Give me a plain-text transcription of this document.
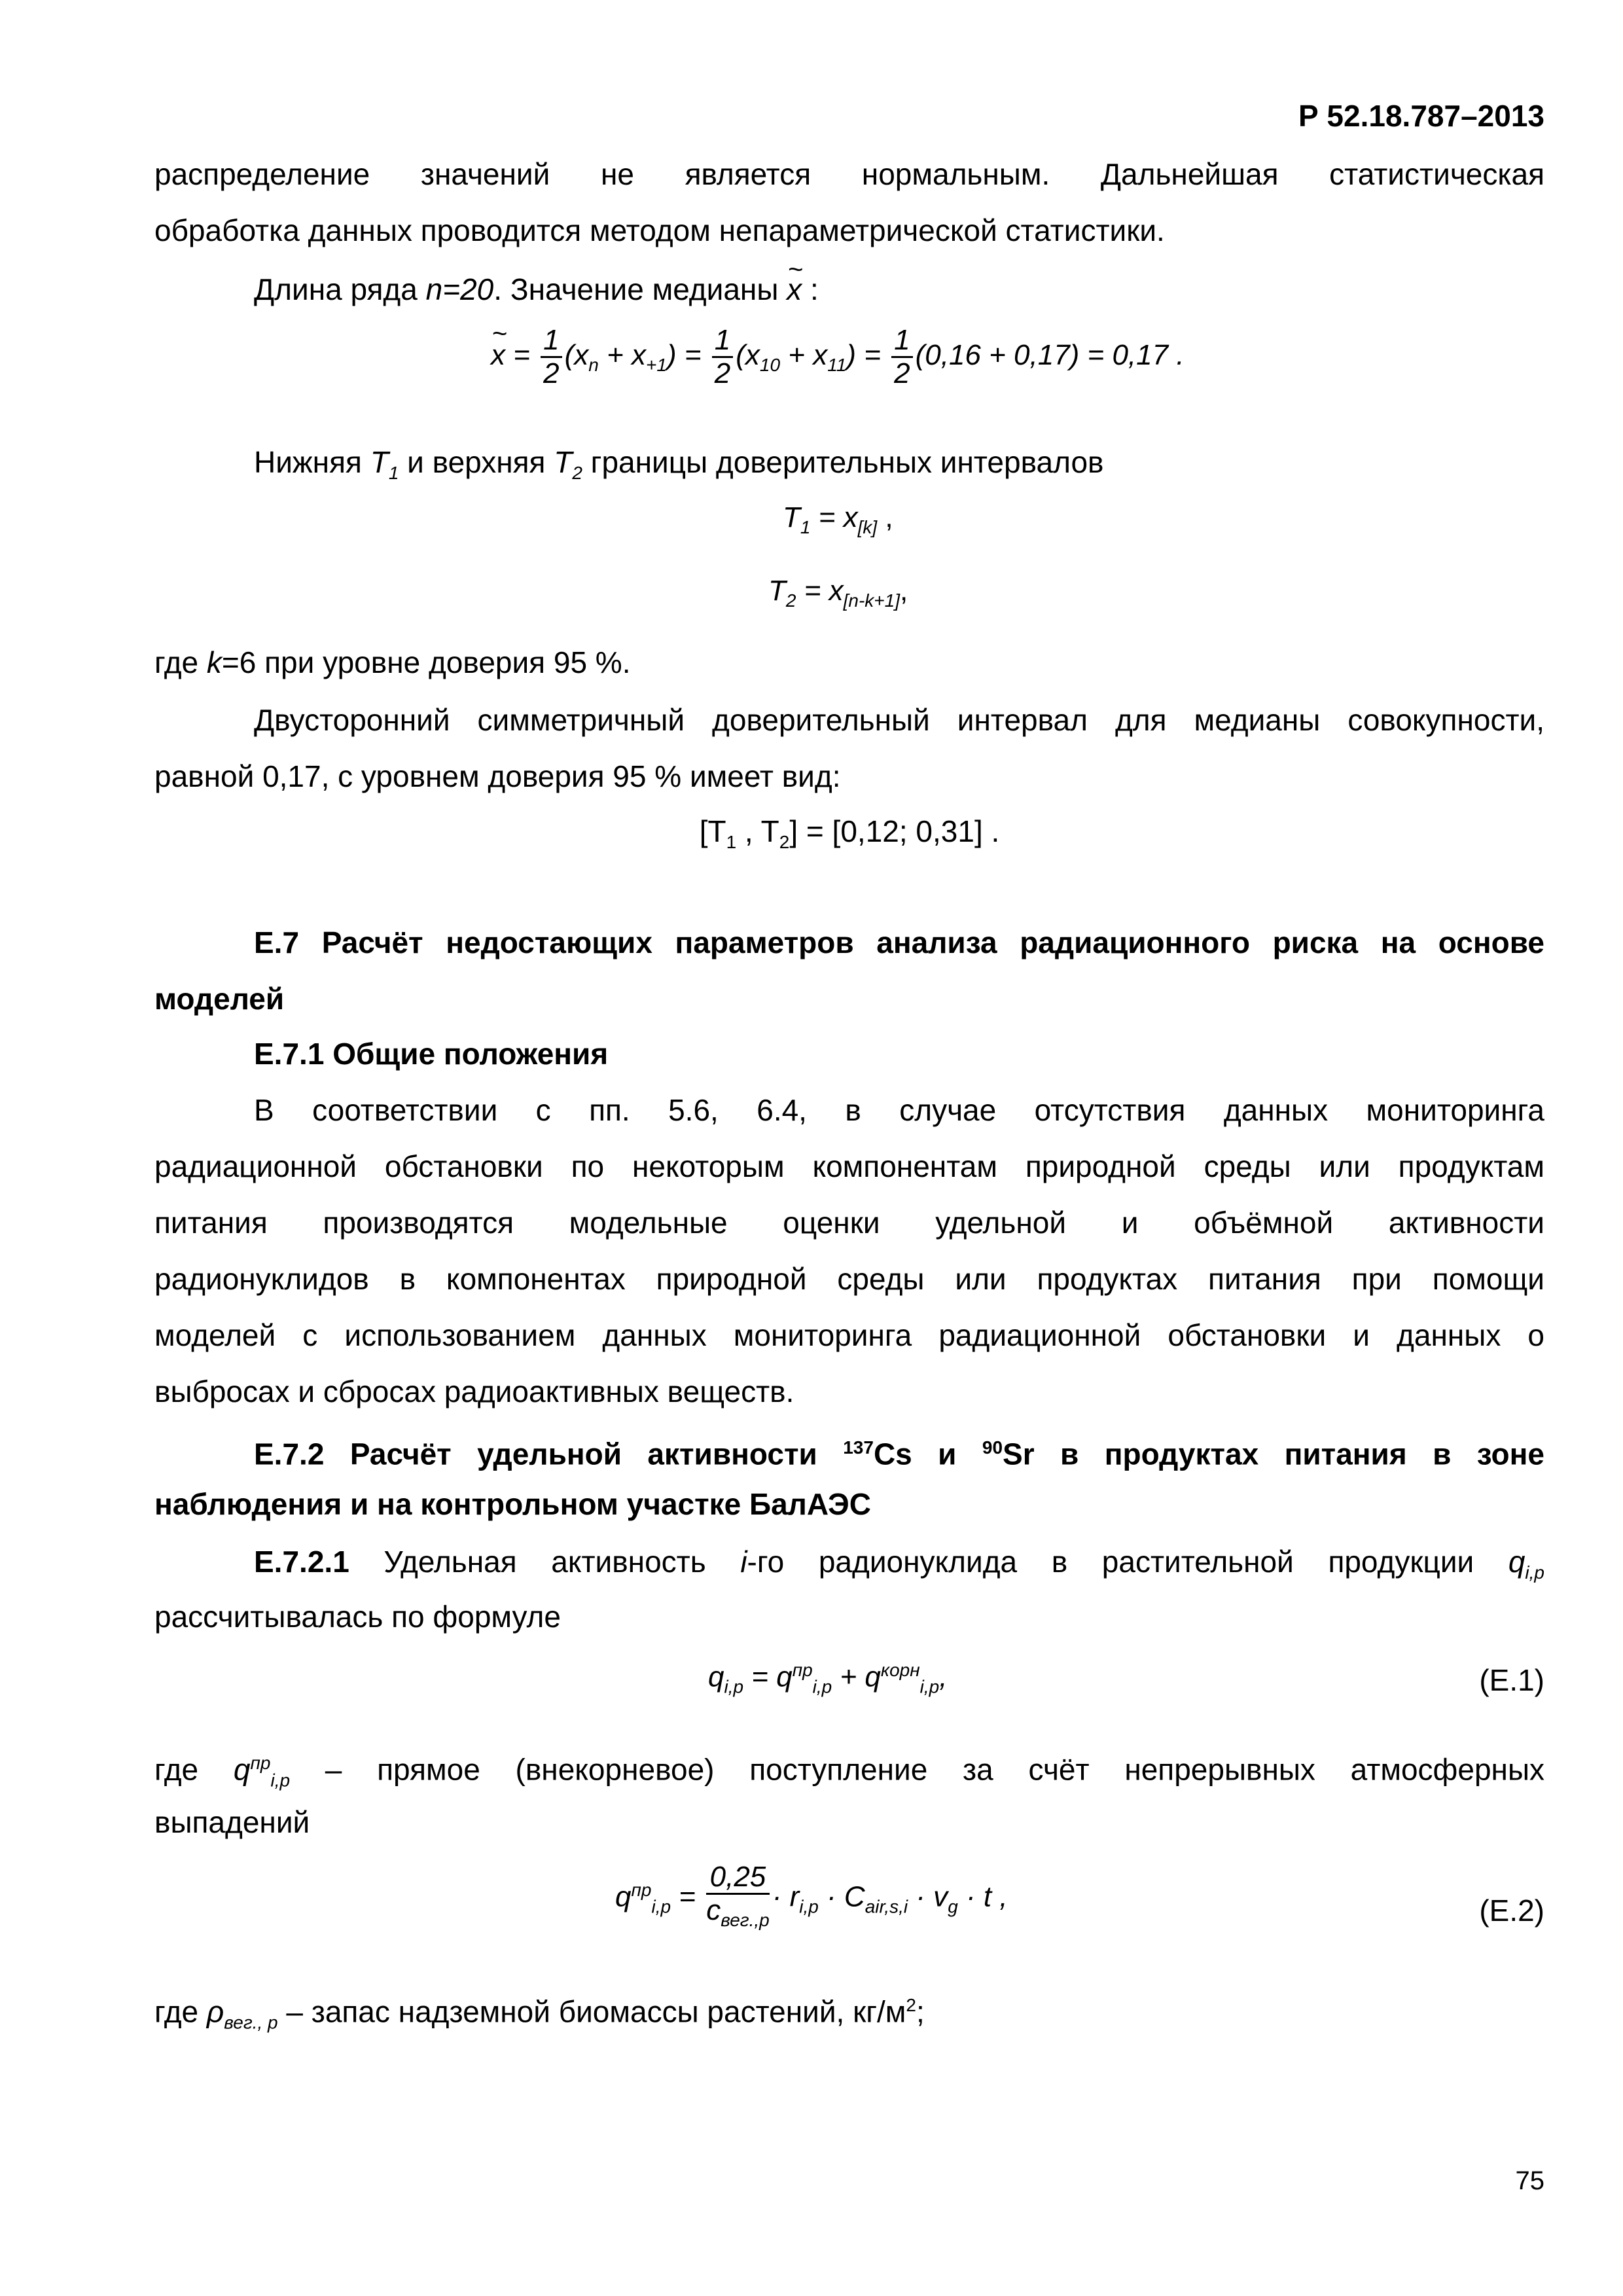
Р 52.18.787–2013
распределение значений не является нормальным. Дальнейшая статистическая
обработка данных проводится методом непараметрической статистики.
Длина ряда n=20. Значение медианы ~ x :
~ $x = \frac{1}{2} (x_n + x_{+1}) = \frac{1}{2} (x_{10} + x_{11}) = \frac{1}{2} (0,16 + 0,17) = 0,17$ .
Нижняя $T_1$ и верхняя $T_2$ границы доверительных интервалов
$T_1 = x_{[k]}$ ,
$T_2 = x_{[n-k+1]}$,
где k=6 при уровне доверия 95 %.
Двусторонний симметричный доверительный интервал для медианы совокупности,
равной 0,17, с уровнем доверия 95 % имеет вид:
[$T_1$ , $T_2] = [0,12$; 0,31] .
Е.7 Расчёт недостающих параметров анализа радиационного риска на основе
моделей
Е.7.1 Общие положения
В соответствии с пп. 5.6, 6.4, в случае отсутствия данных мониторинга
радиационной обстановки по некоторым компонентам природной среды или продуктам
питания производятся модельные оценки удельной и объёмной активности
радионуклидов в компонентах природной среды или продуктах питания при помощи
моделей с использованием данных мониторинга радиационной обстановки и данных о
выбросах и сбросах радиоактивных веществ.
Е.7.2 Расчёт удельной активности $^{137}$Cs и $^{90}$Sr в продуктах питания в зоне
наблюдения и на контрольном участке БалАЭС
Е.7.2.1 Удельная активность i-го радионуклида в растительной продукции $q_{i,p}$
рассчитывалась по формуле
$q_{i,p} = q^{пр}_{i,p} + q^{корн}_{i,p}$,	(Е.1)
где $q^{пр}_{i,p}$ – прямое (внекорневое) поступление за счёт непрерывных атмосферных
выпадений
$q^{пр}_{i,p} = \frac{0,25}{c_{вег.,p}} \cdot r_{i,p} \cdot C_{air,s,i} \cdot v_g \cdot t$ ,	(Е.2)
где $\rho_{вег., p}$ – запас надземной биомассы растений, $кг/м^2$;
75
